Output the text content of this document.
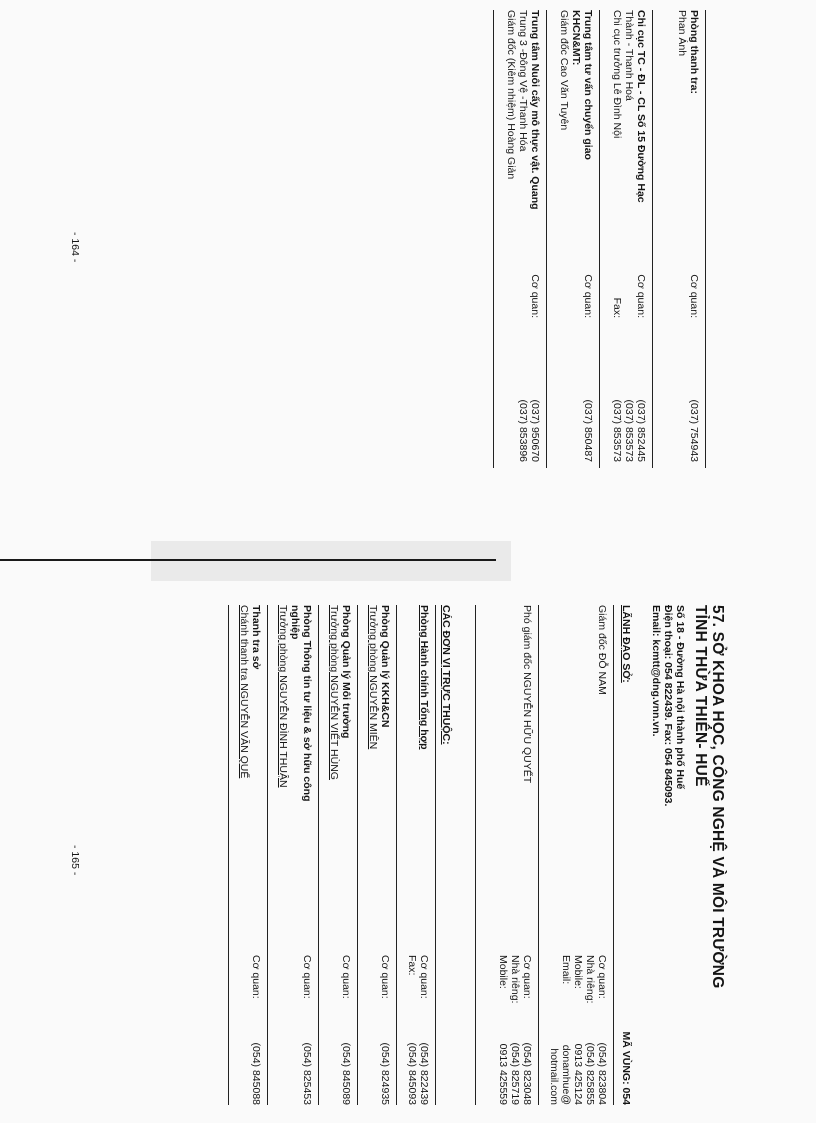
Phòng thanh tra:
Phan Ánh
Cơ quan:
(037) 754943
Chi cục TC - ĐL - CL Số 15 Đường Hạc
Thành - Thanh Hoá
Chi cục trưởng Lê Đình Nội
Cơ quan:

Fax:
(037) 852445
(037) 853573
(037) 853573
Trung tâm tư vấn chuyển giao
KHCN&MT:
Giám đốc Cao Văn Tuyên
Cơ quan:
(037) 850487
Trung tâm Nuôi cấy mô thực vật. Quang
Trung 3 -Đông Vệ -Thanh Hóa
Giám đốc (Kiêm nhiệm) Hoàng Giản
Cơ quan:
(037) 950670
(037) 853896
- 164 -
57. SỞ KHOA HỌC, CÔNG NGHỆ VÀ MÔI TRƯỜNG
TỈNH THỪA THIÊN- HUẾ
Số 18 - Đường Hà nội thành phố Huế
Điện thoại: 054 822439. Fax: 054 845093.
Email: kcmtt@dng.vnn.vn.
LÃNH ĐẠO SỞ:
MÃ VÙNG: 054
Giám đốc ĐỖ NAM
Cơ quan:
Nhà riêng:
Mobile:
Email:
(054) 823804
(054) 825855
0913 425124
donamhue@
hotmail.com
Phó giám đốc NGUYỄN HỮU QUYẾT
Cơ quan:
Nhà riêng:
Mobile:
(054) 823048
(054) 825719
0913 425559
CÁC ĐƠN VỊ TRỰC THUỘC:
Phòng Hành chính Tổng hợp
Cơ quan:
Fax:
(054) 822439
(054) 845093
Phòng Quản lý KKH&CN
Trưởng phòng NGUYỄN MIÊN
Cơ quan:
(054) 824935
Phòng Quản lý Môi trường
Trưởng phòng NGUYỄN VIẾT HÙNG
Cơ quan:
(054) 845089
Phòng Thông tin tư liệu & sở hữu công
nghiệp
Trưởng phòng NGUYỄN ĐÌNH THUẬN
Cơ quan:
(054) 825453
Thanh tra sở
Chánh thanh tra NGUYỄN VĂN QUẾ
Cơ quan:
(054) 845088
- 165 -
